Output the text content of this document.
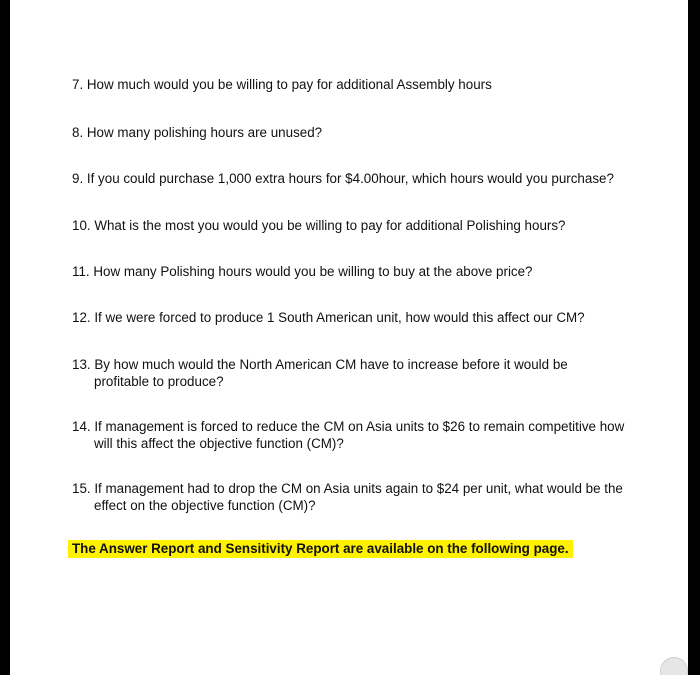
7. How much would you be willing to pay for additional Assembly hours

8. How many polishing hours are unused?

9. If you could purchase 1,000 extra hours for $4.00hour, which hours would you purchase?

10. What is the most you would you be willing to pay for additional Polishing hours?

11. How many Polishing hours would you be willing to buy at the above price?

12. If we were forced to produce 1 South American unit, how would this affect our CM?

13. By how much would the North American CM have to increase before it would be
profitable to produce?

14. If management is forced to reduce the CM on Asia units to $26 to remain competitive how
will this affect the objective function (CM)?

15. If management had to drop the CM on Asia units again to $24 per unit, what would be the
effect on the objective function (CM)?

The Answer Report and Sensitivity Report are available on the following page.
